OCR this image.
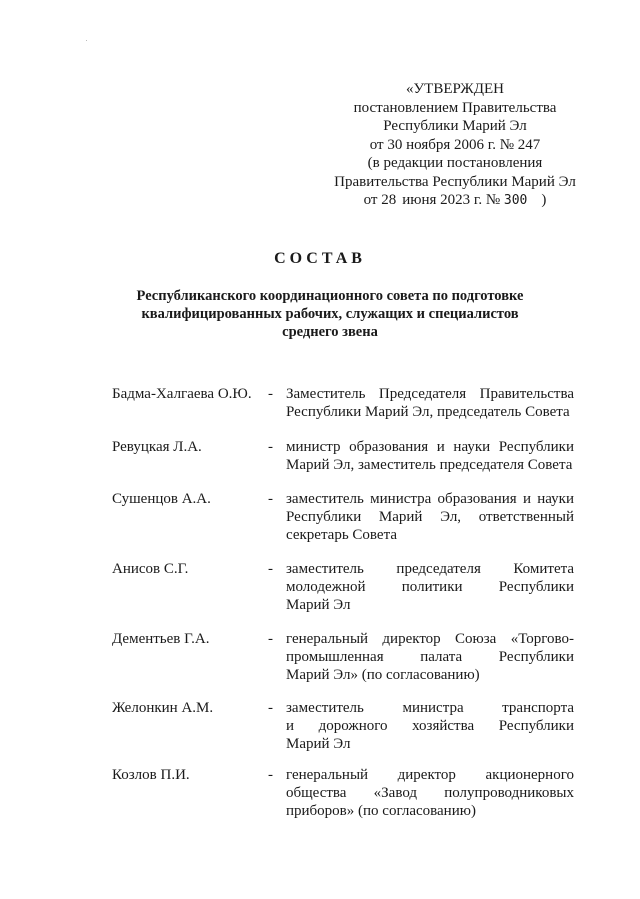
«УТВЕРЖДЕН
постановлением Правительства
Республики Марий Эл
от 30 ноября 2006 г. № 247
(в редакции постановления
Правительства Республики Марий Эл
от 28 июня 2023 г. № 300 )
СОСТАВ
Республиканского координационного совета по подготовке
квалифицированных рабочих, служащих и специалистов
среднего звена
Бадма-Халгаева О.Ю. - Заместитель Председателя Правительства
Республики Марий Эл, председатель Совета
Ревуцкая Л.А.	- министр образования и науки Республики
Марий Эл, заместитель председателя Совета
Сушенцов А.А.	- заместитель министра образования и науки
Республики Марий Эл, ответственный
секретарь Совета
Анисов С.Г.	- заместитель председателя Комитета
молодежной политики Республики
Марий Эл
Дементьев Г.А.	- генеральный директор Союза «Торгово-
промышленная палата Республики
Марий Эл» (по согласованию)
Желонкин А.М.	- заместитель министра транспорта
и дорожного хозяйства Республики
Марий Эл
Козлов П.И.	- генеральный директор акционерного
общества «Завод полупроводниковых
приборов» (по согласованию)
